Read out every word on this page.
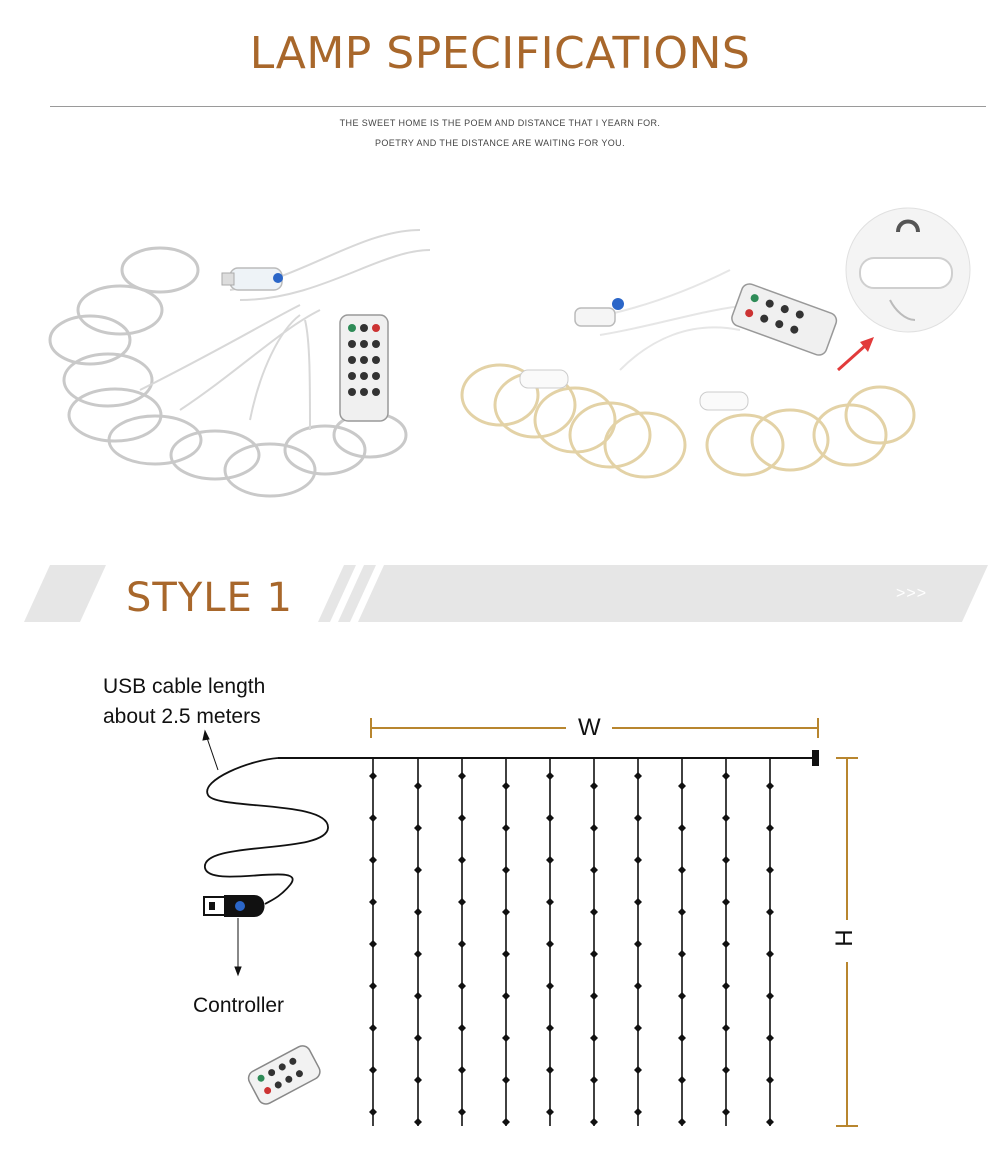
LAMP SPECIFICATIONS
THE SWEET HOME IS THE POEM AND DISTANCE THAT I YEARN FOR.
POETRY AND THE DISTANCE ARE WAITING FOR YOU.
STYLE 1	>>>
USB cable length
about 2.5 meters
Controller
W
H
